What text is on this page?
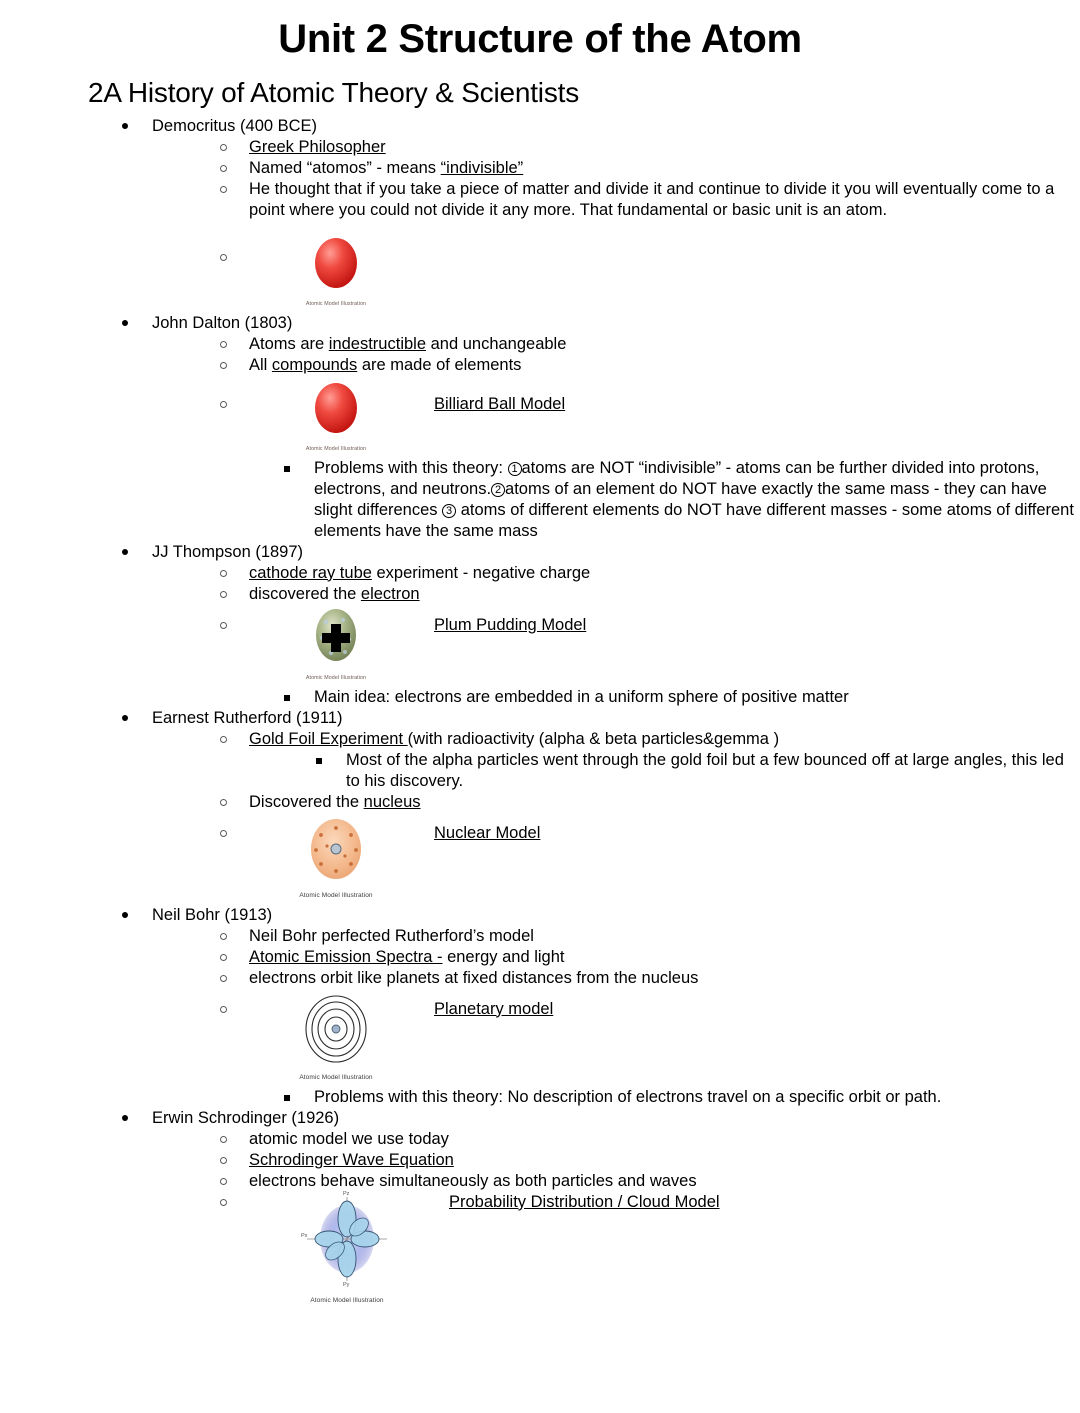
Unit 2 Structure of the Atom
2A History of Atomic Theory & Scientists
Democritus (400 BCE)
Greek Philosopher
Named “atomos” - means “indivisible”
He thought that if you take a piece of matter and divide it and continue to divide it you will eventually come to a point where you could not divide it any more. That fundamental or basic unit is an atom.
Atomic Model Illustration
John Dalton (1803)
Atoms are indestructible and unchangeable
All compounds are made of elements
Atomic Model Illustration
Billiard Ball Model
Problems with this theory: 1 atoms are NOT “indivisible” - atoms can be further divided into protons, electrons, and neutrons. 2 atoms of an element do NOT have exactly the same mass - they can have slight differences 3 atoms of different elements do NOT have different masses - some atoms of different elements have the same mass
JJ Thompson (1897)
cathode ray tube experiment - negative charge
discovered the electron
Atomic Model Illustration
Plum Pudding Model
Main idea: electrons are embedded in a uniform sphere of positive matter
Earnest Rutherford (1911)
Gold Foil Experiment (with radioactivity (alpha & beta particles&gemma )
Most of the alpha particles went through the gold foil but a few bounced off at large angles, this led to his discovery.
Discovered the nucleus
Atomic Model Illustration
Nuclear Model
Neil Bohr (1913)
Neil Bohr perfected Rutherford’s model
Atomic Emission Spectra - energy and light
electrons orbit like planets at fixed distances from the nucleus
Atomic Model Illustration
Planetary model
Problems with this theory: No description of electrons travel on a specific orbit or path.
Erwin Schrodinger (1926)
atomic model we use today
Schrodinger Wave Equation
electrons behave simultaneously as both particles and waves
Pz
Px
Py
Atomic Model Illustration
Probability Distribution / Cloud Model
